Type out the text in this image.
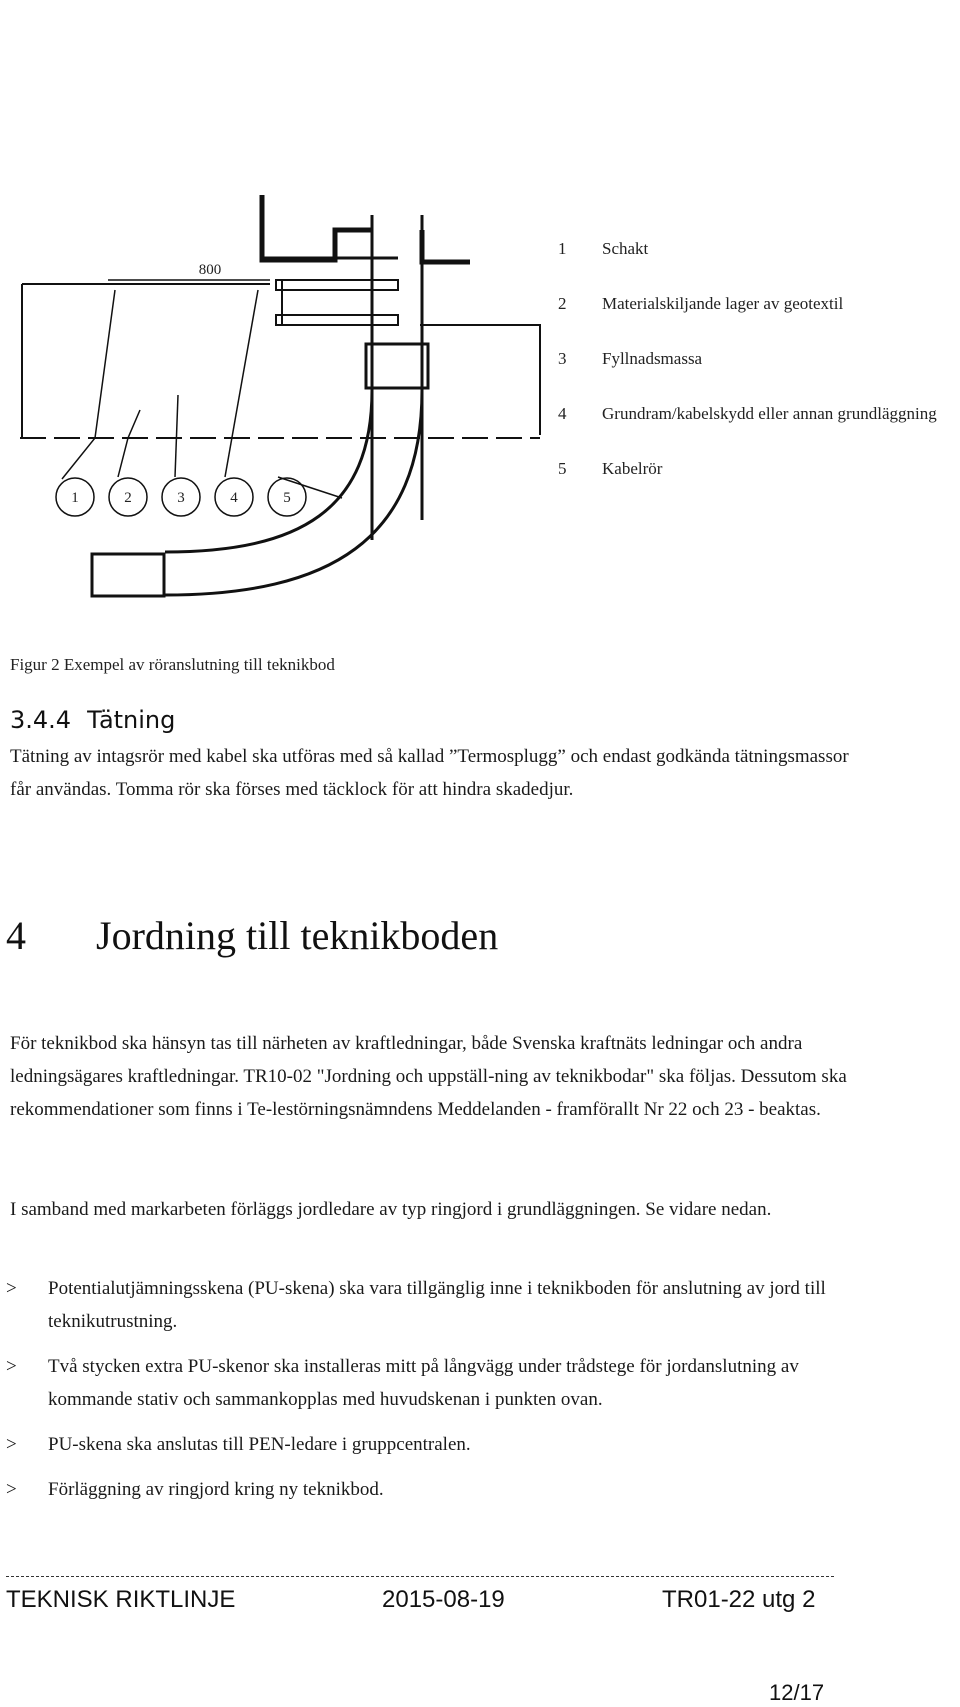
800
1	2	3	4	5
1	Schakt
2	Materialskiljande lager av geotextil
3	Fyllnadsmassa
4	Grundram/kabelskydd eller annan grundläggning
5	Kabelrör
Figur 2 Exempel av röranslutning till teknikbod
3.4.4 Tätning
Tätning av intagsrör med kabel ska utföras med så kallad ”Termosplugg” och endast godkända tätningsmassor får användas. Tomma rör ska förses med täcklock för att hindra skadedjur.
4 Jordning till teknikboden
För teknikbod ska hänsyn tas till närheten av kraftledningar, både Svenska kraftnäts ledningar och andra ledningsägares kraftledningar. TR10-02 "Jordning och uppställ-ning av teknikbodar" ska följas. Dessutom ska rekommendationer som finns i Te-lestörningsnämndens Meddelanden - framförallt Nr 22 och 23 - beaktas.
I samband med markarbeten förläggs jordledare av typ ringjord i grundläggningen. Se vidare nedan.
>	Potentialutjämningsskena (PU-skena) ska vara tillgänglig inne i teknikboden för anslutning av jord till teknikutrustning.
>	Två stycken extra PU-skenor ska installeras mitt på långvägg under trådstege för jordanslutning av kommande stativ och sammankopplas med huvudskenan i punkten ovan.
>	PU-skena ska anslutas till PEN-ledare i gruppcentralen.
>	Förläggning av ringjord kring ny teknikbod.
TEKNISK RIKTLINJE	2015-08-19	TR01-22 utg 2
12/17
